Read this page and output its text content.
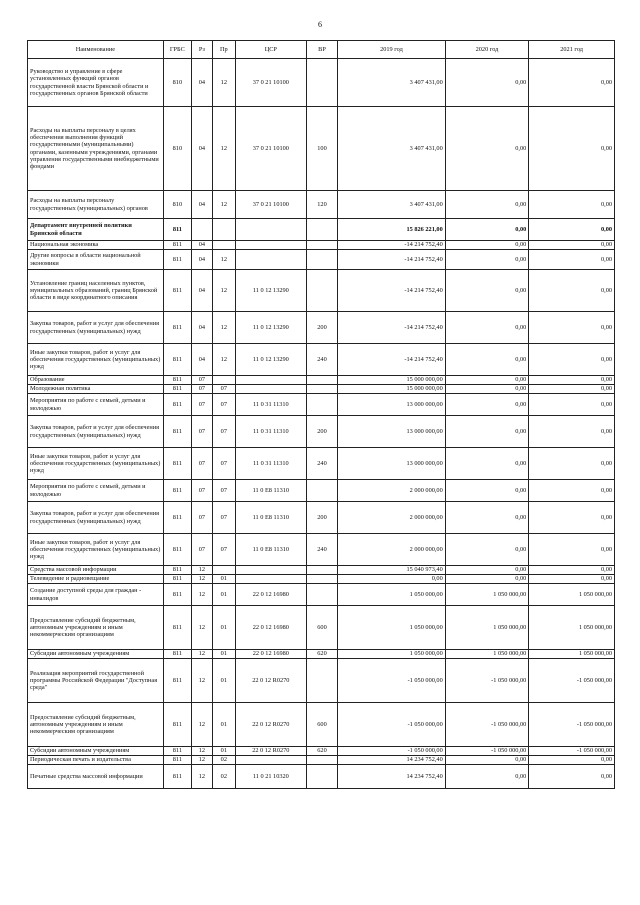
6
Наименование	ГРБС	Рз	Пр	ЦСР	ВР	2019 год	2020 год	2021 год
Руководство и управление в сфере установленных функций органов государственной власти Брянской области и государственных органов Брянской области	810	04	12	37 0 21 10100		3 407 431,00	0,00	0,00
Расходы на выплаты персоналу в целях обеспечения выполнения функций государственными (муниципальными) органами, казенными учреждениями, органами управления государственными внебюджетными фондами	810	04	12	37 0 21 10100	100	3 407 431,00	0,00	0,00
Расходы на выплаты персоналу государственных (муниципальных) органов	810	04	12	37 0 21 10100	120	3 407 431,00	0,00	0,00
Департамент внутренней политики Брянской области	811					15 826 221,00	0,00	0,00
Национальная экономика	811	04				-14 214 752,40	0,00	0,00
Другие вопросы в области национальной экономики	811	04	12			-14 214 752,40	0,00	0,00
Установление границ населенных пунктов, муниципальных образований, границ Брянской области в виде координатного описания	811	04	12	11 0 12 13290		-14 214 752,40	0,00	0,00
Закупка товаров, работ и услуг для обеспечения государственных (муниципальных) нужд	811	04	12	11 0 12 13290	200	-14 214 752,40	0,00	0,00
Иные закупки товаров, работ и услуг для обеспечения государственных (муниципальных) нужд	811	04	12	11 0 12 13290	240	-14 214 752,40	0,00	0,00
Образование	811	07				15 000 000,00	0,00	0,00
Молодежная политика	811	07	07			15 000 000,00	0,00	0,00
Мероприятия по работе с семьей, детьми и молодежью	811	07	07	11 0 31 11310		13 000 000,00	0,00	0,00
Закупка товаров, работ и услуг для обеспечения государственных (муниципальных) нужд	811	07	07	11 0 31 11310	200	13 000 000,00	0,00	0,00
Иные закупки товаров, работ и услуг для обеспечения государственных (муниципальных) нужд	811	07	07	11 0 31 11310	240	13 000 000,00	0,00	0,00
Мероприятия по работе с семьей, детьми и молодежью	811	07	07	11 0 E8 11310		2 000 000,00	0,00	0,00
Закупка товаров, работ и услуг для обеспечения государственных (муниципальных) нужд	811	07	07	11 0 E8 11310	200	2 000 000,00	0,00	0,00
Иные закупки товаров, работ и услуг для обеспечения государственных (муниципальных) нужд	811	07	07	11 0 E8 11310	240	2 000 000,00	0,00	0,00
Средства массовой информации	811	12				15 040 973,40	0,00	0,00
Телевидение и радиовещание	811	12	01			0,00	0,00	0,00
Создание доступной среды для граждан - инвалидов	811	12	01	22 0 12 16980		1 050 000,00	1 050 000,00	1 050 000,00
Предоставление субсидий бюджетным, автономным учреждениям и иным некоммерческим организациям	811	12	01	22 0 12 16980	600	1 050 000,00	1 050 000,00	1 050 000,00
Субсидии автономным учреждениям	811	12	01	22 0 12 16980	620	1 050 000,00	1 050 000,00	1 050 000,00
Реализация мероприятий государственной программы Российской Федерации "Доступная среда"	811	12	01	22 0 12 R0270		-1 050 000,00	-1 050 000,00	-1 050 000,00
Предоставление субсидий бюджетным, автономным учреждениям и иным некоммерческим организациям	811	12	01	22 0 12 R0270	600	-1 050 000,00	-1 050 000,00	-1 050 000,00
Субсидии автономным учреждениям	811	12	01	22 0 12 R0270	620	-1 050 000,00	-1 050 000,00	-1 050 000,00
Периодическая печать и издательства	811	12	02			14 234 752,40	0,00	0,00
Печатные средства массовой информации	811	12	02	11 0 21 10320		14 234 752,40	0,00	0,00
